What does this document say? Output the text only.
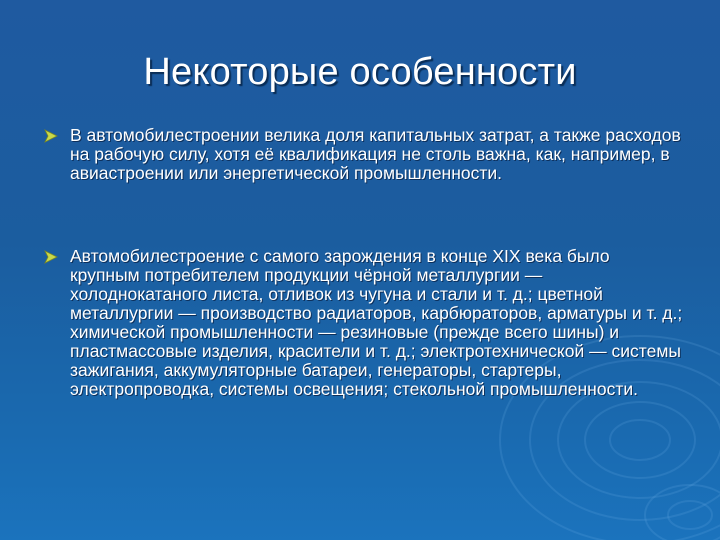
Некоторые особенности
В автомобилестроении велика доля капитальных затрат, а также расходов на рабочую силу, хотя её квалификация не столь важна, как, например, в авиастроении или энергетической промышленности.
Автомобилестроение с самого зарождения в конце XIX века было крупным потребителем продукции чёрной металлургии — холоднокатаного листа, отливок из чугуна и стали и т. д.; цветной металлургии — производство радиаторов, карбюраторов, арматуры и т. д.; химической промышленности — резиновые (прежде всего шины) и пластмассовые изделия, красители и т. д.; электротехнической — системы зажигания, аккумуляторные батареи, генераторы, стартеры, электропроводка, системы освещения; стекольной промышленности.
